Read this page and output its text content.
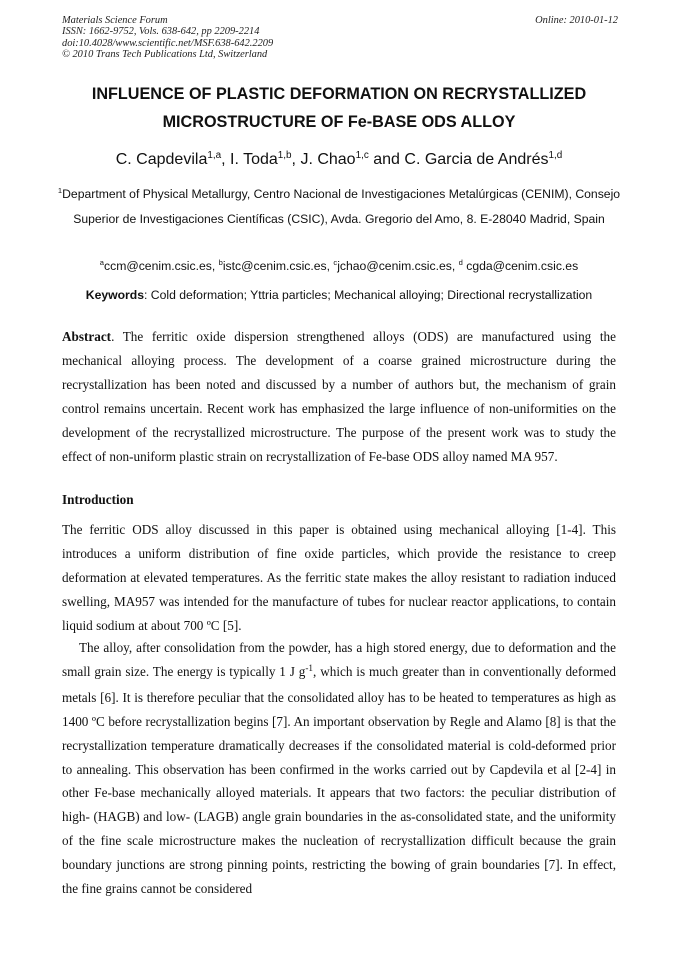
Materials Science Forum
ISSN: 1662-9752, Vols. 638-642, pp 2209-2214
doi:10.4028/www.scientific.net/MSF.638-642.2209
© 2010 Trans Tech Publications Ltd, Switzerland
Online: 2010-01-12
INFLUENCE OF PLASTIC DEFORMATION ON RECRYSTALLIZED
MICROSTRUCTURE OF Fe-BASE ODS ALLOY
C. Capdevila$^{1,a}$, I. Toda$^{1,b}$, J. Chao$^{1,c}$ and C. Garcia de Andrés$^{1,d}$
$^1$Department of Physical Metallurgy, Centro Nacional de Investigaciones Metalúrgicas (CENIM), Consejo Superior de Investigaciones Científicas (CSIC), Avda. Gregorio del Amo, 8. E-28040 Madrid, Spain
$^a$ccm@cenim.csic.es, $^b$istc@cenim.csic.es, $^c$jchao@cenim.csic.es, $^d$ cgda@cenim.csic.es
Keywords: Cold deformation; Yttria particles; Mechanical alloying; Directional recrystallization

Abstract. The ferritic oxide dispersion strengthened alloys (ODS) are manufactured using the mechanical alloying process. The development of a coarse grained microstructure during the recrystallization has been noted and discussed by a number of authors but, the mechanism of grain control remains uncertain. Recent work has emphasized the large influence of non-uniformities on the development of the recrystallized microstructure. The purpose of the present work was to study the effect of non-uniform plastic strain on recrystallization of Fe-base ODS alloy named MA 957.

Introduction

The ferritic ODS alloy discussed in this paper is obtained using mechanical alloying [1-4]. This introduces a uniform distribution of fine oxide particles, which provide the resistance to creep deformation at elevated temperatures. As the ferritic state makes the alloy resistant to radiation induced swelling, MA957 was intended for the manufacture of tubes for nuclear reactor applications, to contain liquid sodium at about 700 ºC [5].

The alloy, after consolidation from the powder, has a high stored energy, due to deformation and the small grain size. The energy is typically 1 J $g^{-1}$, which is much greater than in conventionally deformed metals [6]. It is therefore peculiar that the consolidated alloy has to be heated to temperatures as high as 1400 ºC before recrystallization begins [7]. An important observation by Regle and Alamo [8] is that the recrystallization temperature dramatically decreases if the consolidated material is cold-deformed prior to annealing. This observation has been confirmed in the works carried out by Capdevila et al [2-4] in other Fe-base mechanically alloyed materials. It appears that two factors: the peculiar distribution of high- (HAGB) and low- (LAGB) angle grain boundaries in the as-consolidated state, and the uniformity of the fine scale microstructure makes the nucleation of recrystallization difficult because the grain boundary junctions are strong pinning points, restricting the bowing of grain boundaries [7]. In effect, the fine grains cannot be considered
